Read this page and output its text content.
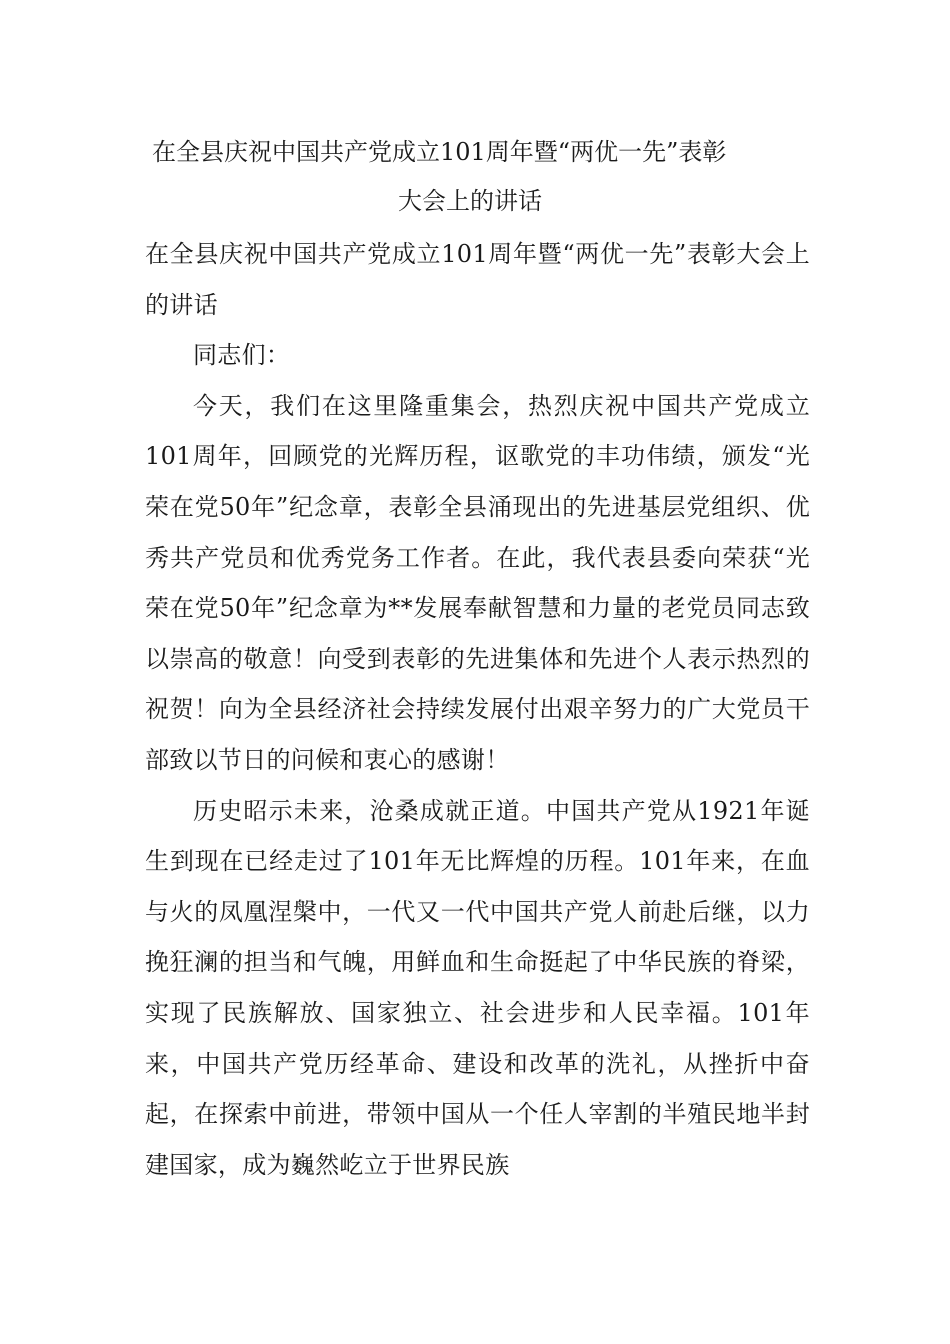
在全县庆祝中国共产党成立101周年暨“两优一先”表彰
大会上的讲话

在全县庆祝中国共产党成立101周年暨“两优一先”表彰大会上的讲话

同志们：

今天，我们在这里隆重集会，热烈庆祝中国共产党成立101周年，回顾党的光辉历程，讴歌党的丰功伟绩，颁发“光荣在党50年”纪念章，表彰全县涌现出的先进基层党组织、优秀共产党员和优秀党务工作者。在此，我代表县委向荣获“光荣在党50年”纪念章为**发展奉献智慧和力量的老党员同志致以崇高的敬意！向受到表彰的先进集体和先进个人表示热烈的祝贺！向为全县经济社会持续发展付出艰辛努力的广大党员干部致以节日的问候和衷心的感谢！

历史昭示未来，沧桑成就正道。中国共产党从1921年诞生到现在已经走过了101年无比辉煌的历程。101年来，在血与火的凤凰涅槃中，一代又一代中国共产党人前赴后继，以力挽狂澜的担当和气魄，用鲜血和生命挺起了中华民族的脊梁，实现了民族解放、国家独立、社会进步和人民幸福。101年来，中国共产党历经革命、建设和改革的洗礼，从挫折中奋起，在探索中前进，带领中国从一个任人宰割的半殖民地半封建国家，成为巍然屹立于世界民族
